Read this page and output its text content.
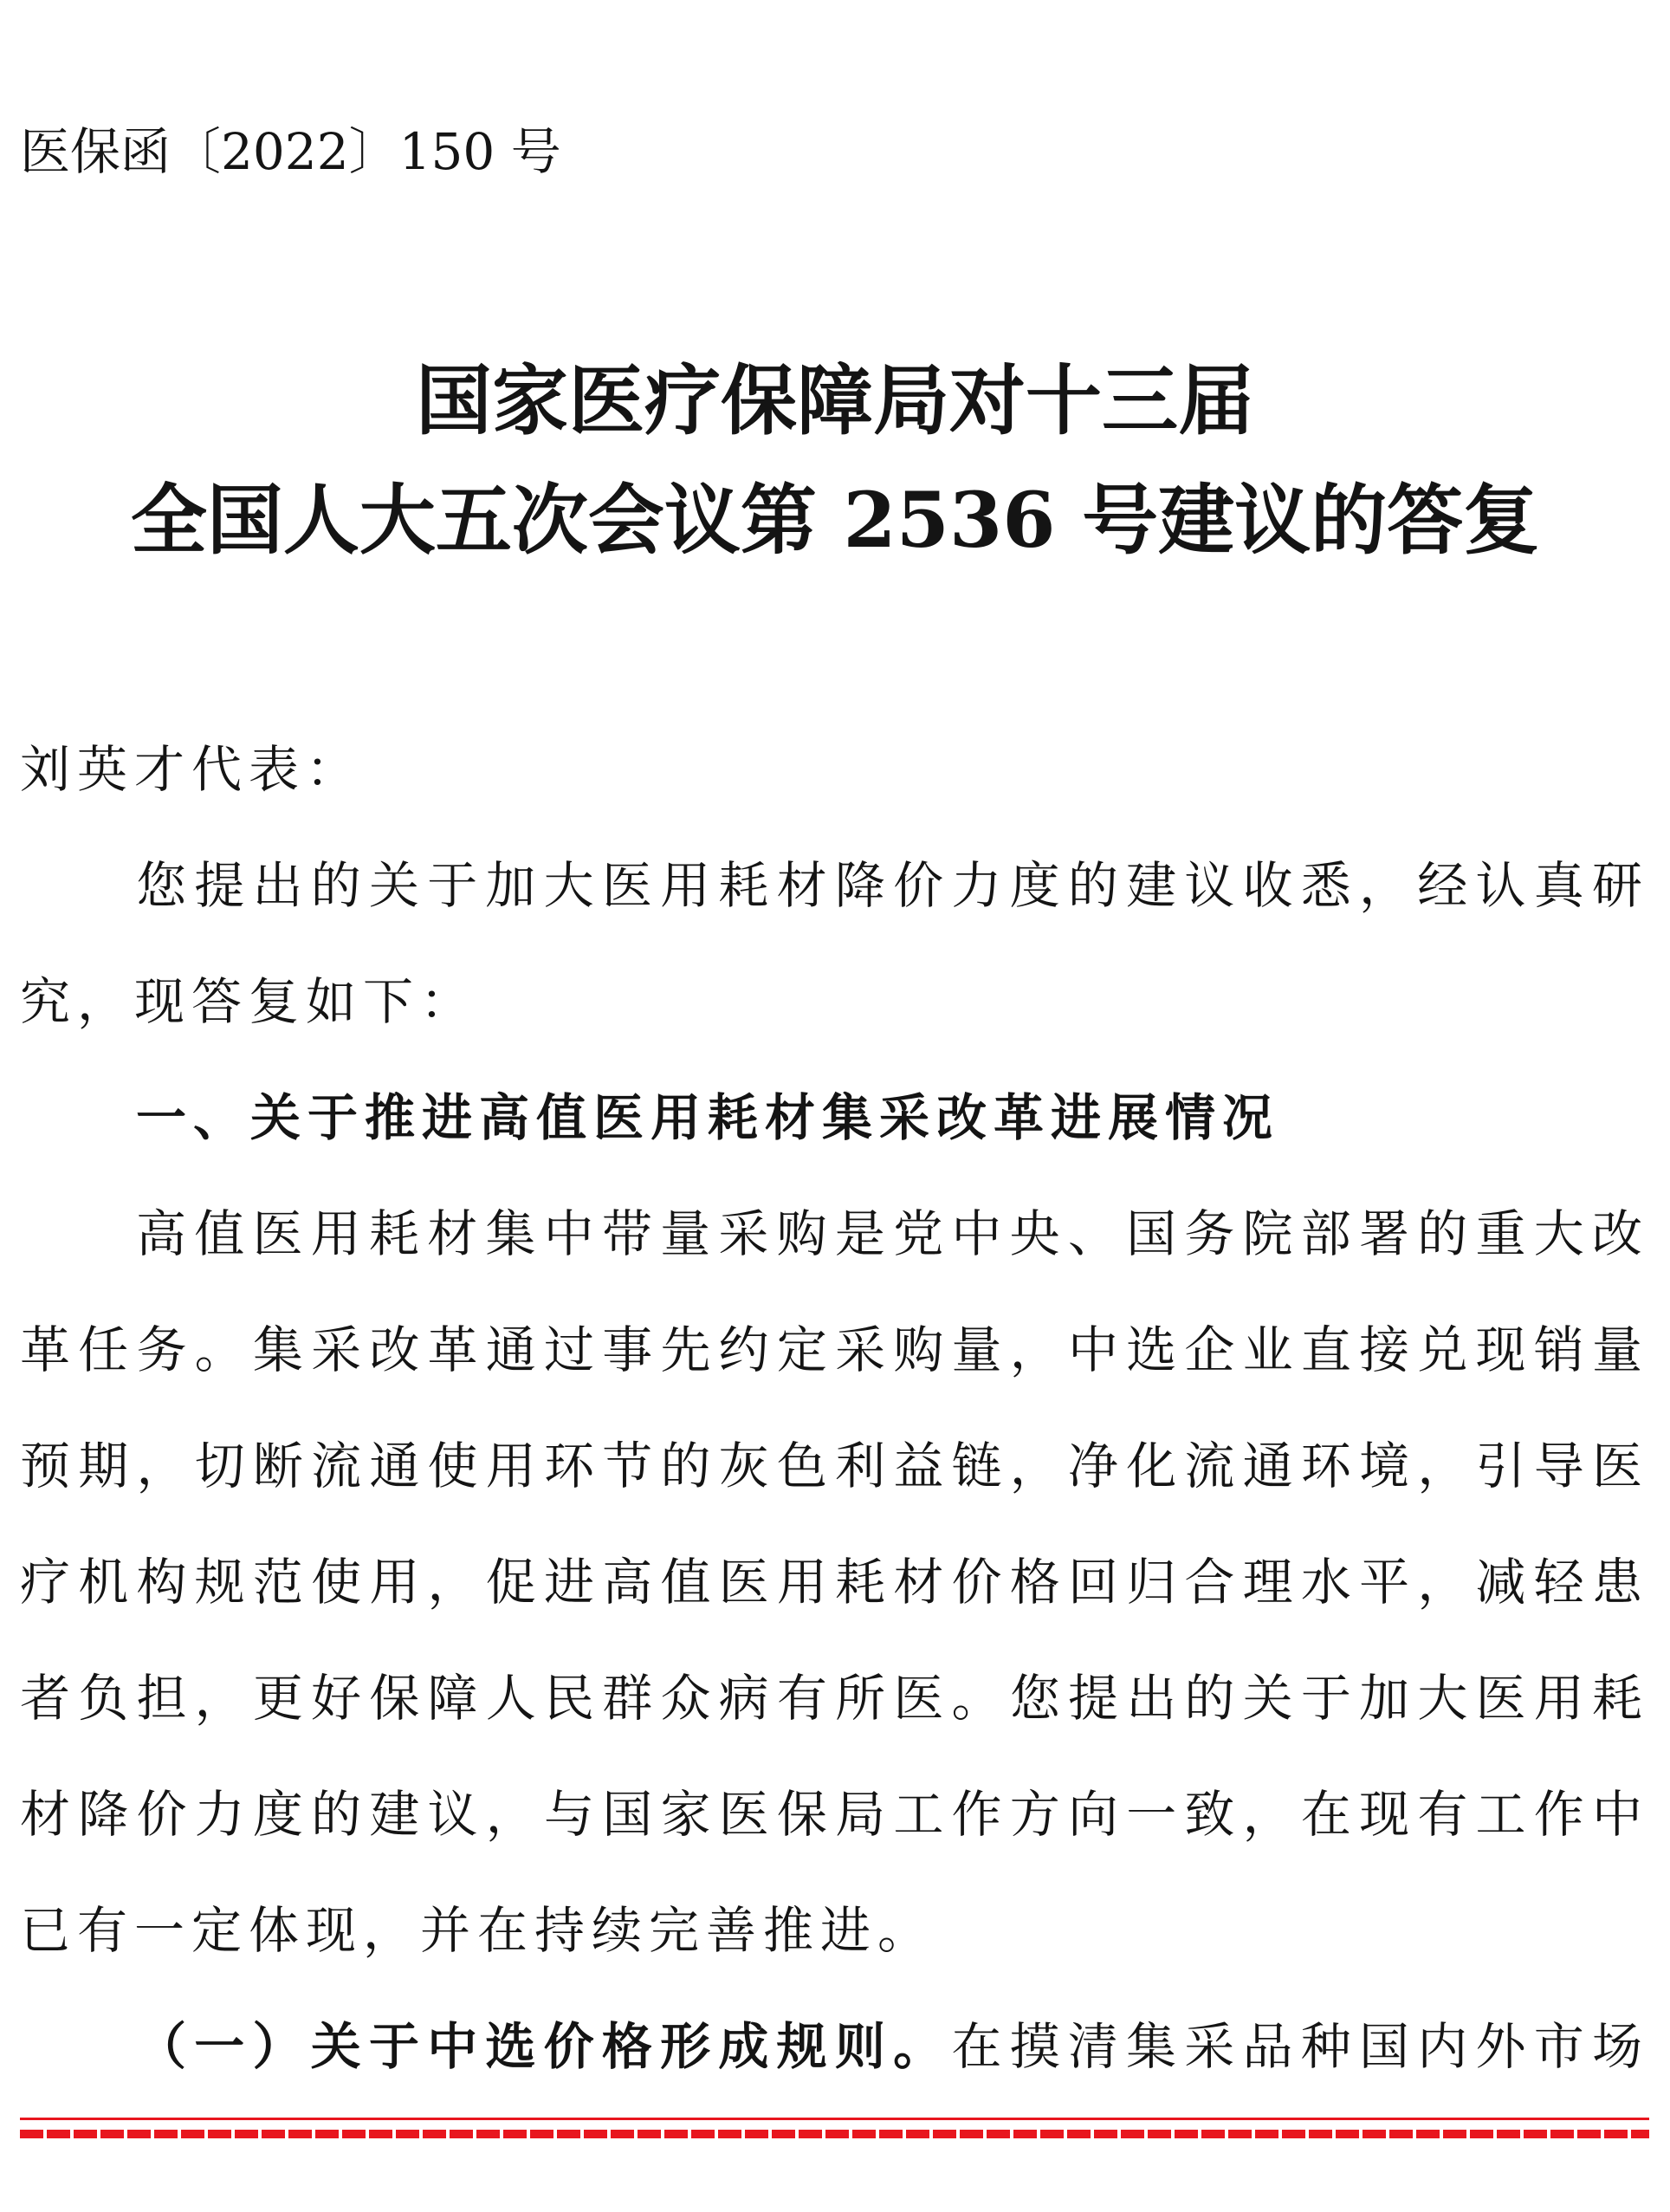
医保函〔2022〕150 号
国家医疗保障局对十三届
全国人大五次会议第 2536 号建议的答复
刘英才代表：
您提出的关于加大医用耗材降价力度的建议收悉，经认真研
究，现答复如下：
一、关于推进高值医用耗材集采改革进展情况
高值医用耗材集中带量采购是党中央、国务院部署的重大改
革任务。集采改革通过事先约定采购量，中选企业直接兑现销量
预期，切断流通使用环节的灰色利益链，净化流通环境，引导医
疗机构规范使用，促进高值医用耗材价格回归合理水平，减轻患
者负担，更好保障人民群众病有所医。您提出的关于加大医用耗
材降价力度的建议，与国家医保局工作方向一致，在现有工作中
已有一定体现，并在持续完善推进。
（一）关于中选价格形成规则。在摸清集采品种国内外市场
